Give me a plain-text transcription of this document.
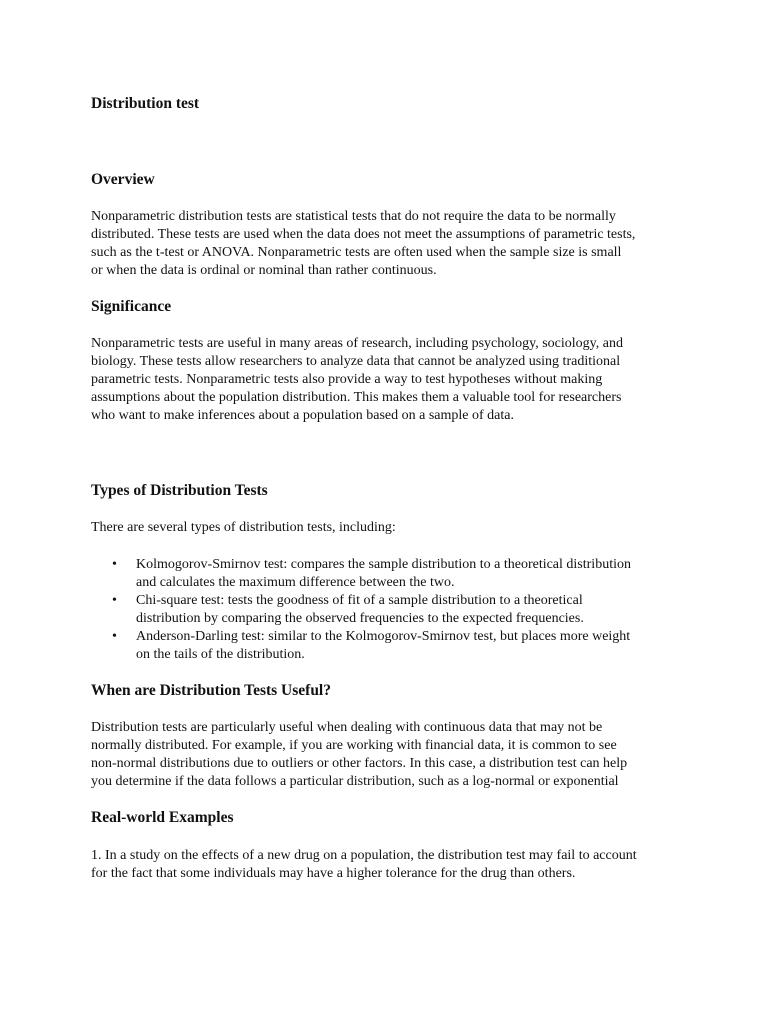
Distribution test
Overview

Nonparametric distribution tests are statistical tests that do not require the data to be normally
distributed. These tests are used when the data does not meet the assumptions of parametric tests,
such as the t-test or ANOVA. Nonparametric tests are often used when the sample size is small
or when the data is ordinal or nominal than rather continuous.

Significance

Nonparametric tests are useful in many areas of research, including psychology, sociology, and
biology. These tests allow researchers to analyze data that cannot be analyzed using traditional
parametric tests. Nonparametric tests also provide a way to test hypotheses without making
assumptions about the population distribution. This makes them a valuable tool for researchers
who want to make inferences about a population based on a sample of data.

Types of Distribution Tests

There are several types of distribution tests, including:

• Kolmogorov-Smirnov test: compares the sample distribution to a theoretical distribution
and calculates the maximum difference between the two.
• Chi-square test: tests the goodness of fit of a sample distribution to a theoretical
distribution by comparing the observed frequencies to the expected frequencies.
• Anderson-Darling test: similar to the Kolmogorov-Smirnov test, but places more weight
on the tails of the distribution.
When are Distribution Tests Useful?

Distribution tests are particularly useful when dealing with continuous data that may not be
normally distributed. For example, if you are working with financial data, it is common to see
non-normal distributions due to outliers or other factors. In this case, a distribution test can help
you determine if the data follows a particular distribution, such as a log-normal or exponential

Real-world Examples

1. In a study on the effects of a new drug on a population, the distribution test may fail to account
for the fact that some individuals may have a higher tolerance for the drug than others.
